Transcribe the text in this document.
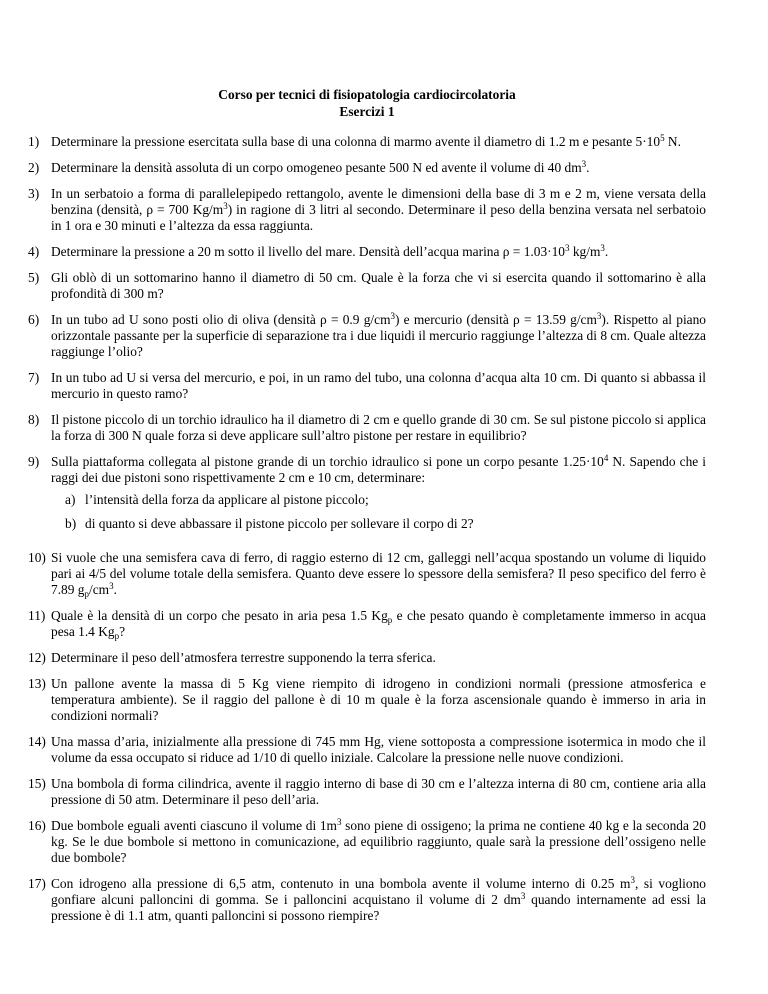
Corso per tecnici di fisiopatologia cardiocircolatoria
Esercizi 1
1) Determinare la pressione esercitata sulla base di una colonna di marmo avente il diametro di 1.2 m e pesante $5\cdot 10^5$ N.
2) Determinare la densità assoluta di un corpo omogeneo pesante 500 N ed avente il volume di 40 $dm^3$.
3) In un serbatoio a forma di parallelepipedo rettangolo, avente le dimensioni della base di 3 m e 2 m, viene versata della benzina (densità, ρ = 700 $Kg/m^3$) in ragione di 3 litri al secondo. Determinare il peso della benzina versata nel serbatoio in 1 ora e 30 minuti e l’altezza da essa raggiunta.
4) Determinare la pressione a 20 m sotto il livello del mare. Densità dell’acqua marina $\rho = 1.03\cdot 10^3$ $kg/m^3$.
5) Gli oblò di un sottomarino hanno il diametro di 50 cm. Quale è la forza che vi si esercita quando il sottomarino è alla profondità di 300 m?
6) In un tubo ad U sono posti olio di oliva (densità ρ = 0.9 $g/cm^3$) e mercurio (densità ρ = 13.59 $g/cm^3$). Rispetto al piano orizzontale passante per la superficie di separazione tra i due liquidi il mercurio raggiunge l’altezza di 8 cm. Quale altezza raggiunge l’olio?
7) In un tubo ad U si versa del mercurio, e poi, in un ramo del tubo, una colonna d’acqua alta 10 cm. Di quanto si abbassa il mercurio in questo ramo?
8) Il pistone piccolo di un torchio idraulico ha il diametro di 2 cm e quello grande di 30 cm. Se sul pistone piccolo si applica la forza di 300 N quale forza si deve applicare sull’altro pistone per restare in equilibrio?
9) Sulla piattaforma collegata al pistone grande di un torchio idraulico si pone un corpo pesante $1.25\cdot 10^4$ N. Sapendo che i raggi dei due pistoni sono rispettivamente 2 cm e 10 cm, determinare:
a) l’intensità della forza da applicare al pistone piccolo;
b) di quanto si deve abbassare il pistone piccolo per sollevare il corpo di 2?
10) Si vuole che una semisfera cava di ferro, di raggio esterno di 12 cm, galleggi nell’acqua spostando un volume di liquido pari ai 4/5 del volume totale della semisfera. Quanto deve essere lo spessore della semisfera? Il peso specifico del ferro è 7.89 $g_p/cm^3$.
11) Quale è la densità di un corpo che pesato in aria pesa 1.5 $Kg_p$ e che pesato quando è completamente immerso in acqua pesa 1.4 $Kg_p$?
12) Determinare il peso dell’atmosfera terrestre supponendo la terra sferica.
13) Un pallone avente la massa di 5 Kg viene riempito di idrogeno in condizioni normali (pressione atmosferica e temperatura ambiente). Se il raggio del pallone è di 10 m quale è la forza ascensionale quando è immerso in aria in condizioni normali?
14) Una massa d’aria, inizialmente alla pressione di 745 mm Hg, viene sottoposta a compressione isotermica in modo che il volume da essa occupato si riduce ad 1/10 di quello iniziale. Calcolare la pressione nelle nuove condizioni.
15) Una bombola di forma cilindrica, avente il raggio interno di base di 30 cm e l’altezza interna di 80 cm, contiene aria alla pressione di 50 atm. Determinare il peso dell’aria.
16) Due bombole eguali aventi ciascuno il volume di $1m^3$ sono piene di ossigeno; la prima ne contiene 40 kg e la seconda 20 kg. Se le due bombole si mettono in comunicazione, ad equilibrio raggiunto, quale sarà la pressione dell’ossigeno nelle due bombole?
17) Con idrogeno alla pressione di 6,5 atm, contenuto in una bombola avente il volume interno di 0.25 $m^3$, si vogliono gonfiare alcuni palloncini di gomma. Se i palloncini acquistano il volume di 2 $dm^3$ quando internamente ad essi la pressione è di 1.1 atm, quanti palloncini si possono riempire?
